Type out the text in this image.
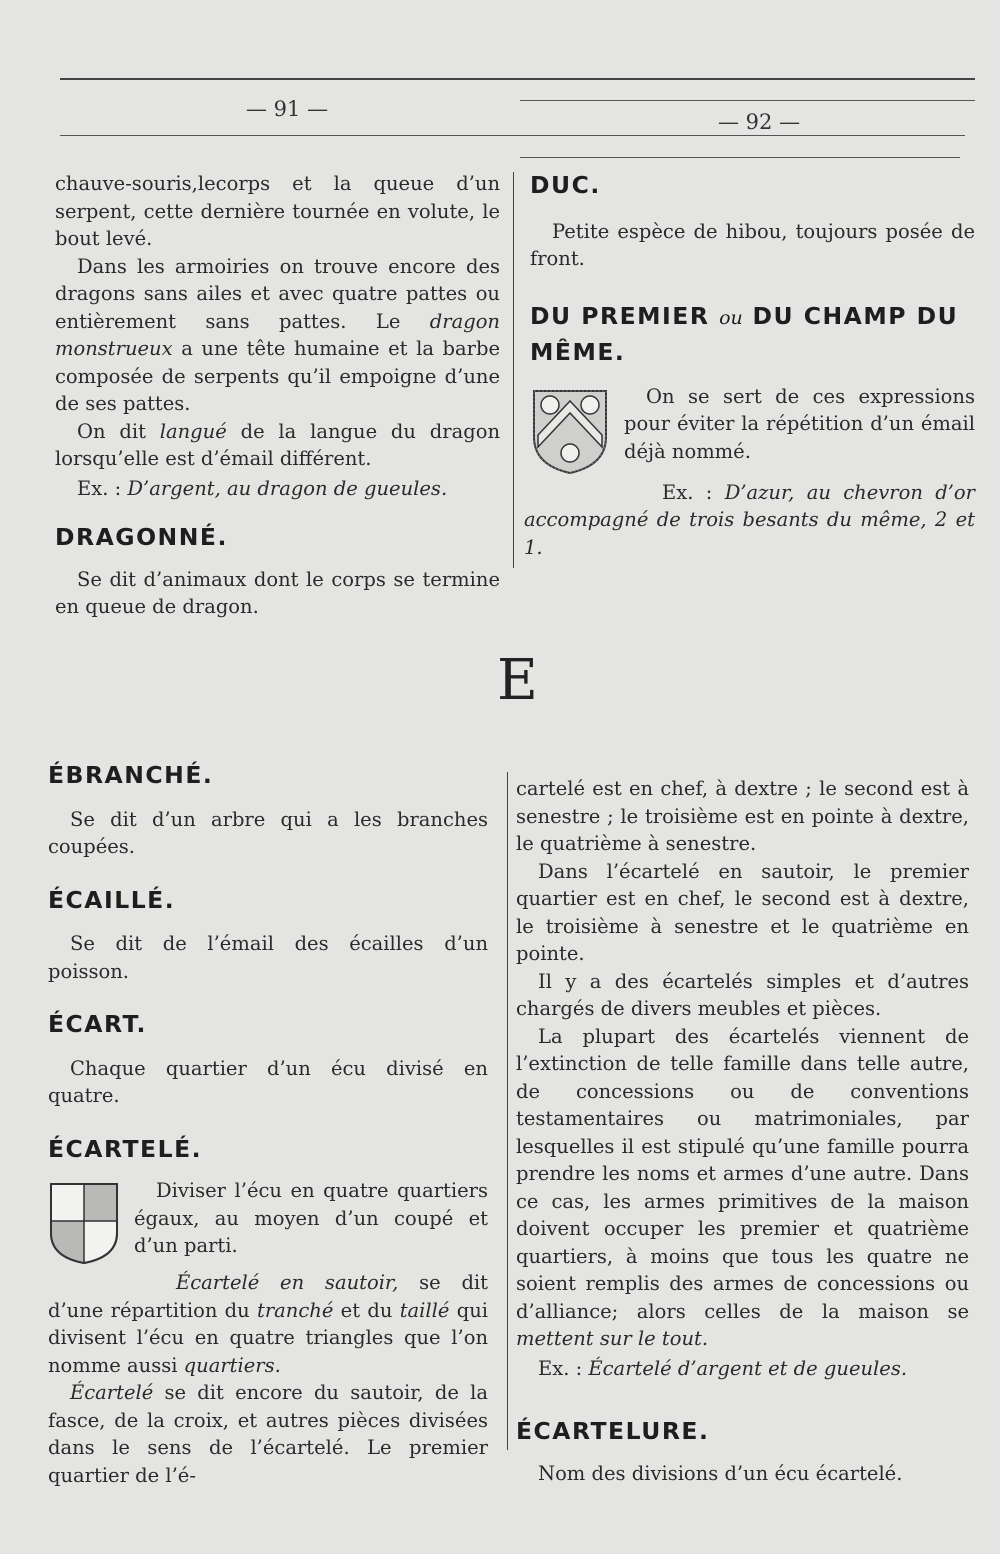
— 91 —
— 92 —

chauve-souris,lecorps et la queue d’un serpent, cette dernière tournée en volute, le bout levé.

Dans les armoiries on trouve encore des dragons sans ailes et avec quatre pattes ou entièrement sans pattes. Le dragon monstrueux a une tête humaine et la barbe composée de serpents qu’il empoigne d’une de ses pattes.

On dit langué de la langue du dragon lorsqu’elle est d’émail différent.

Ex. : D’argent, au dragon de gueules.

DRAGONNÉ.

Se dit d’animaux dont le corps se termine en queue de dragon.

DUC.

Petite espèce de hibou, toujours posée de front.

DU PREMIER ou DU CHAMP DU MÊME.

On se sert de ces expressions pour éviter la répétition d’un émail déjà nommé.

Ex. : D’azur, au chevron d’or accompagné de trois besants du même, 2 et 1.

E
ÉBRANCHÉ.

Se dit d’un arbre qui a les branches coupées.

ÉCAILLÉ.

Se dit de l’émail des écailles d’un poisson.

ÉCART.

Chaque quartier d’un écu divisé en quatre.

ÉCARTELÉ.

Diviser l’écu en quatre quartiers égaux, au moyen d’un coupé et d’un parti.

Écartelé en sautoir, se dit d’une répartition du tranché et du taillé qui divisent l’écu en quatre triangles que l’on nomme aussi quartiers.

Écartelé se dit encore du sautoir, de la fasce, de la croix, et autres pièces divisées dans le sens de l’écartelé. Le premier quartier de l’é-

cartelé est en chef, à dextre ; le second est à senestre ; le troisième est en pointe à dextre, le quatrième à senestre.

Dans l’écartelé en sautoir, le premier quartier est en chef, le second est à dextre, le troisième à senestre et le quatrième en pointe.

Il y a des écartelés simples et d’autres chargés de divers meubles et pièces.

La plupart des écartelés viennent de l’extinction de telle famille dans telle autre, de concessions ou de conventions testamentaires ou matrimoniales, par lesquelles il est stipulé qu’une famille pourra prendre les noms et armes d’une autre. Dans ce cas, les armes primitives de la maison doivent occuper les premier et quatrième quartiers, à moins que tous les quatre ne soient remplis des armes de concessions ou d’alliance; alors celles de la maison se mettent sur le tout.

Ex. : Écartelé d’argent et de gueules.

ÉCARTELURE.

Nom des divisions d’un écu écartelé.
